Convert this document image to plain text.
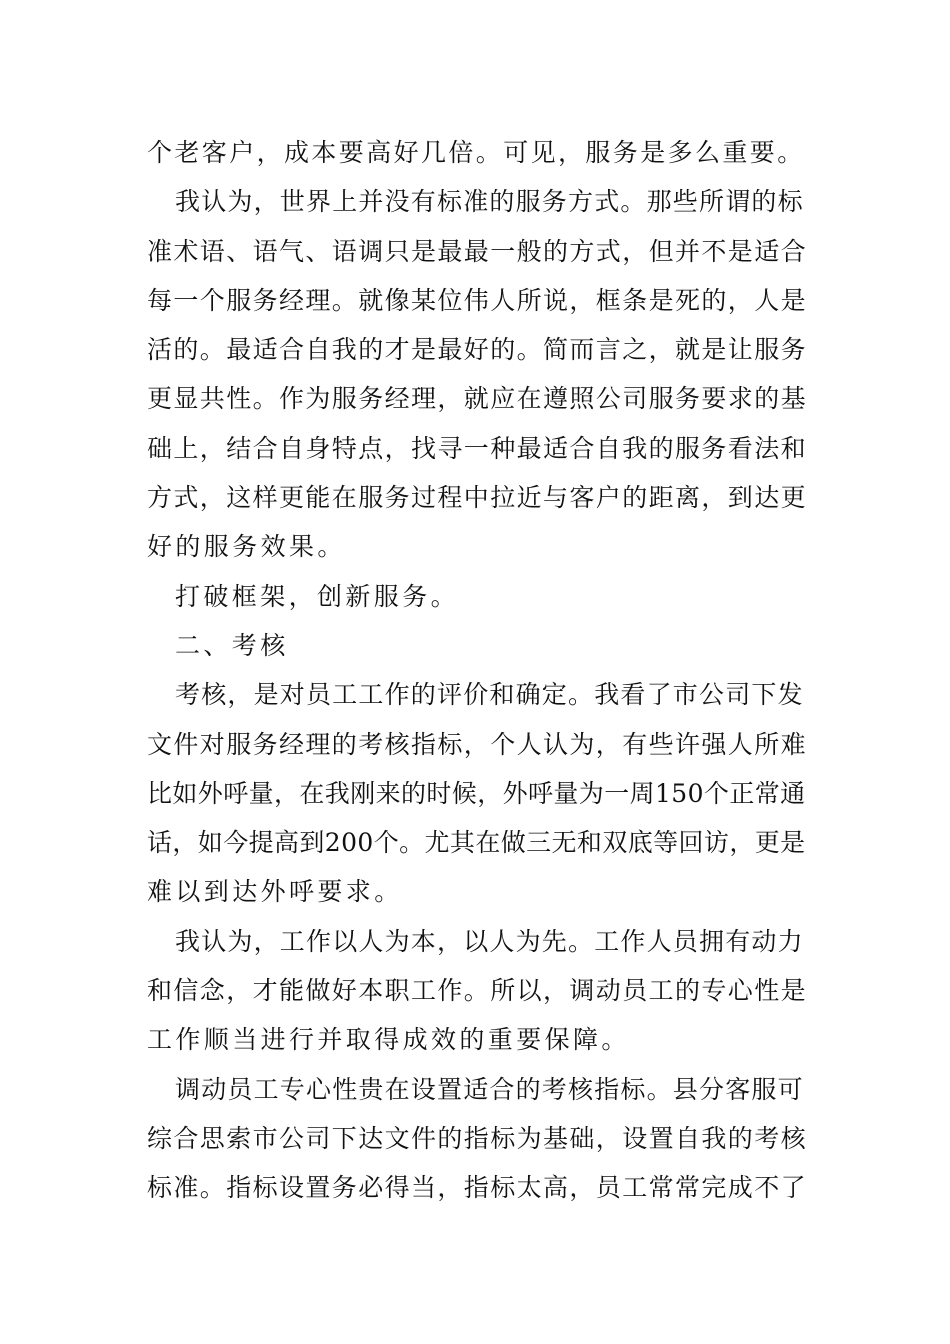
个老客户，成本要高好几倍。可见，服务是多么重要。
我认为，世界上并没有标准的服务方式。那些所谓的标
准术语、语气、语调只是最最一般的方式，但并不是适合
每一个服务经理。就像某位伟人所说，框条是死的，人是
活的。最适合自我的才是最好的。简而言之，就是让服务
更显共性。作为服务经理，就应在遵照公司服务要求的基
础上，结合自身特点，找寻一种最适合自我的服务看法和
方式，这样更能在服务过程中拉近与客户的距离，到达更
好的服务效果。
打破框架，创新服务。
二、考核
考核，是对员工工作的评价和确定。我看了市公司下发
文件对服务经理的考核指标，个人认为，有些许强人所难
比如外呼量，在我刚来的时候，外呼量为一周150个正常通
话，如今提高到200个。尤其在做三无和双底等回访，更是
难以到达外呼要求。
我认为，工作以人为本，以人为先。工作人员拥有动力
和信念，才能做好本职工作。所以，调动员工的专心性是
工作顺当进行并取得成效的重要保障。
调动员工专心性贵在设置适合的考核指标。县分客服可
综合思索市公司下达文件的指标为基础，设置自我的考核
标准。指标设置务必得当，指标太高，员工常常完成不了
